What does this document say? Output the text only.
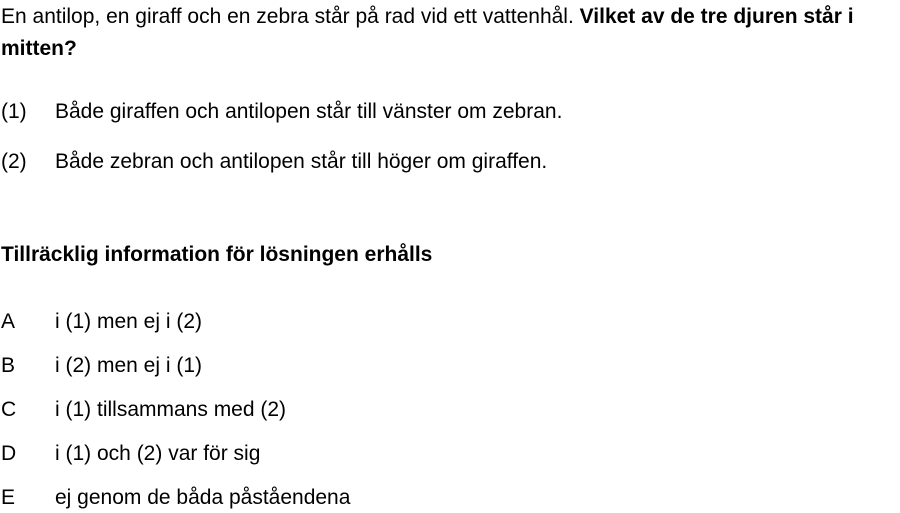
En antilop, en giraff och en zebra står på rad vid ett vattenhål. Vilket av de tre djuren står i mitten?

(1) Både giraffen och antilopen står till vänster om zebran.
(2) Både zebran och antilopen står till höger om giraffen.

Tillräcklig information för lösningen erhålls

A i (1) men ej i (2)
B i (2) men ej i (1)
C i (1) tillsammans med (2)
D i (1) och (2) var för sig
E ej genom de båda påståendena
